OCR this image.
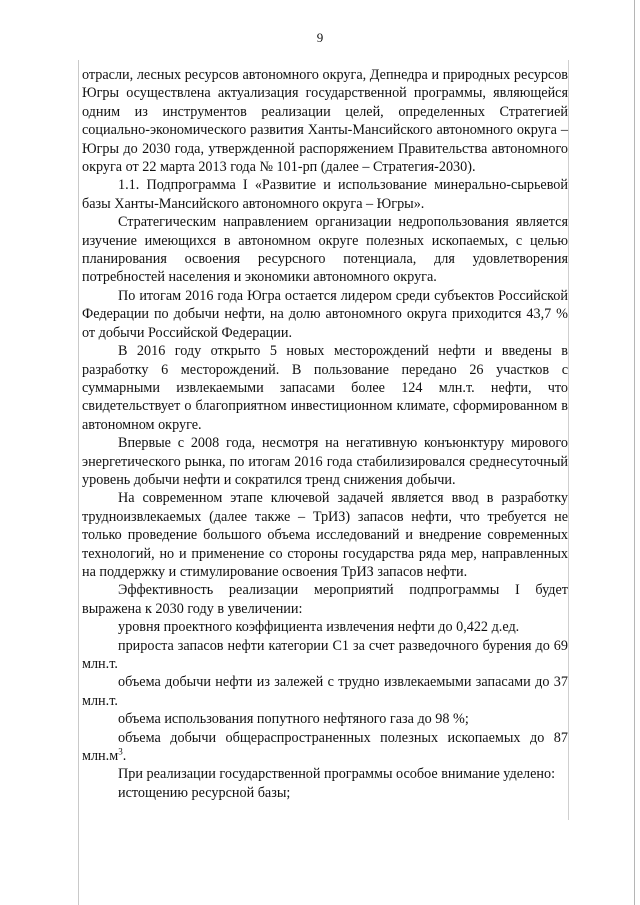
9

отрасли, лесных ресурсов автономного округа, Депнедра и природных ресурсов Югры осуществлена актуализация государственной программы, являющейся одним из инструментов реализации целей, определенных Стратегией социально-экономического развития Ханты-Мансийского автономного округа – Югры до 2030 года, утвержденной распоряжением Правительства автономного округа от 22 марта 2013 года № 101-рп (далее – Стратегия-2030).

1.1. Подпрограмма I «Развитие и использование минерально-сырьевой базы Ханты-Мансийского автономного округа – Югры».

Стратегическим направлением организации недропользования является изучение имеющихся в автономном округе полезных ископаемых, с целью планирования освоения ресурсного потенциала, для удовлетворения потребностей населения и экономики автономного округа.

По итогам 2016 года Югра остается лидером среди субъектов Российской Федерации по добычи нефти, на долю автономного округа приходится 43,7 % от добычи Российской Федерации.

В 2016 году открыто 5 новых месторождений нефти и введены в разработку 6 месторождений. В пользование передано 26 участков с суммарными извлекаемыми запасами более 124 млн.т. нефти, что свидетельствует о благоприятном инвестиционном климате, сформированном в автономном округе.

Впервые с 2008 года, несмотря на негативную конъюнктуру мирового энергетического рынка, по итогам 2016 года стабилизировался среднесуточный уровень добычи нефти и сократился тренд снижения добычи.

На современном этапе ключевой задачей является ввод в разработку трудноизвлекаемых (далее также – ТрИЗ) запасов нефти, что требуется не только проведение большого объема исследований и внедрение современных технологий, но и применение со стороны государства ряда мер, направленных на поддержку и стимулирование освоения ТрИЗ запасов нефти.

Эффективность реализации мероприятий подпрограммы I будет выражена к 2030 году в увеличении:

уровня проектного коэффициента извлечения нефти до 0,422 д.ед.

прироста запасов нефти категории С1 за счет разведочного бурения до 69 млн.т.

объема добычи нефти из залежей с трудно извлекаемыми запасами до 37 млн.т.

объема использования попутного нефтяного газа до 98 %;

объема добычи общераспространенных полезных ископаемых до 87 $млн.м^3$.

При реализации государственной программы особое внимание уделено:

истощению ресурсной базы;
